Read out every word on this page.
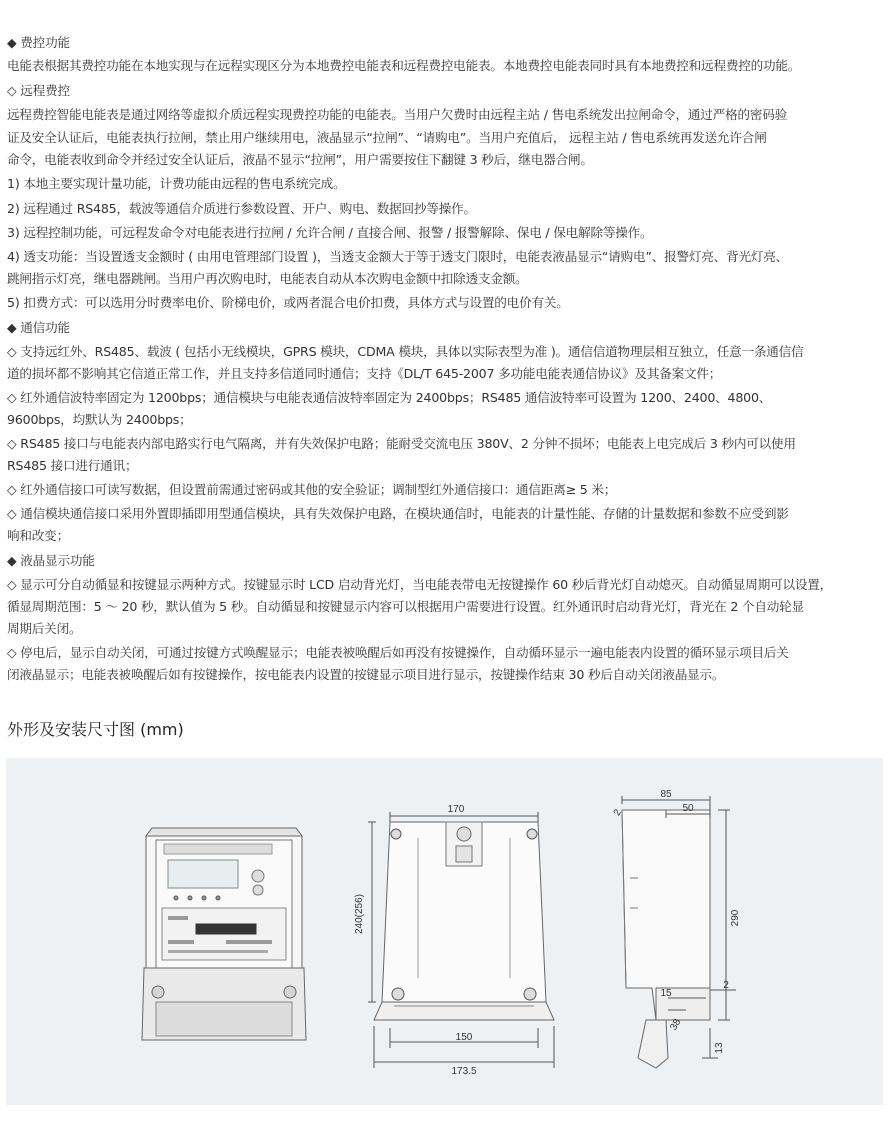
◆ 费控功能
电能表根据其费控功能在本地实现与在远程实现区分为本地费控电能表和远程费控电能表。本地费控电能表同时具有本地费控和远程费控的功能。
◇ 远程费控
远程费控智能电能表是通过网络等虚拟介质远程实现费控功能的电能表。当用户欠费时由远程主站 / 售电系统发出拉闸命令，通过严格的密码验
证及安全认证后，电能表执行拉闸，禁止用户继续用电，液晶显示“拉闸”、“请购电”。当用户充值后， 远程主站 / 售电系统再发送允许合闸
命令，电能表收到命令并经过安全认证后，液晶不显示“拉闸”，用户需要按住下翻键 3 秒后，继电器合闸。
1) 本地主要实现计量功能，计费功能由远程的售电系统完成。
2) 远程通过 RS485，载波等通信介质进行参数设置、开户、购电、数据回抄等操作。
3) 远程控制功能，可远程发命令对电能表进行拉闸 / 允许合闸 / 直接合闸、报警 / 报警解除、保电 / 保电解除等操作。
4) 透支功能：当设置透支金额时 ( 由用电管理部门设置 )，当透支金额大于等于透支门限时，电能表液晶显示“请购电”、报警灯亮、背光灯亮、
跳闸指示灯亮，继电器跳闸。当用户再次购电时，电能表自动从本次购电金额中扣除透支金额。
5) 扣费方式：可以选用分时费率电价、阶梯电价，或两者混合电价扣费，具体方式与设置的电价有关。
◆ 通信功能
◇ 支持远红外、RS485、载波 ( 包括小无线模块，GPRS 模块，CDMA 模块，具体以实际表型为准 )。通信信道物理层相互独立，任意一条通信信
道的损坏都不影响其它信道正常工作，并且支持多信道同时通信；支持《DL/T 645-2007 多功能电能表通信协议》及其备案文件；
◇ 红外通信波特率固定为 1200bps；通信模块与电能表通信波特率固定为 2400bps；RS485 通信波特率可设置为 1200、2400、4800、
9600bps，均默认为 2400bps；
◇ RS485 接口与电能表内部电路实行电气隔离，并有失效保护电路；能耐受交流电压 380V、2 分钟不损坏；电能表上电完成后 3 秒内可以使用
RS485 接口进行通讯；
◇ 红外通信接口可读写数据，但设置前需通过密码或其他的安全验证；调制型红外通信接口：通信距离≥ 5 米；
◇ 通信模块通信接口采用外置即插即用型通信模块，具有失效保护电路，在模块通信时，电能表的计量性能、存储的计量数据和参数不应受到影
响和改变；
◆ 液晶显示功能
◇ 显示可分自动循显和按键显示两种方式。按键显示时 LCD 启动背光灯，当电能表带电无按键操作 60 秒后背光灯自动熄灭。自动循显周期可以设置，
循显周期范围：5 ～ 20 秒，默认值为 5 秒。自动循显和按键显示内容可以根据用户需要进行设置。红外通讯时启动背光灯，背光在 2 个自动轮显
周期后关闭。
◇ 停电后，显示自动关闭，可通过按键方式唤醒显示；电能表被唤醒后如再没有按键操作，自动循环显示一遍电能表内设置的循环显示项目后关
闭液晶显示；电能表被唤醒后如有按键操作，按电能表内设置的按键显示项目进行显示，按键操作结束 30 秒后自动关闭液晶显示。
外形及安装尺寸图 (mm)
170
240(256)
150
173.5
85
50
290
2
2
15
13
38
